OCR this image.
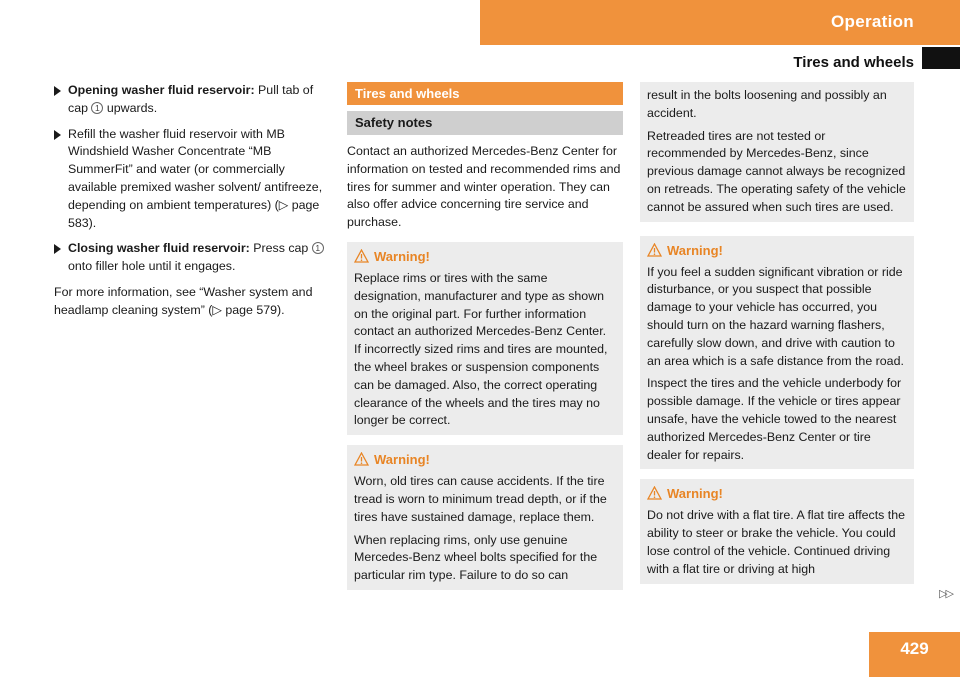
Operation
Tires and wheels
Opening washer fluid reservoir: Pull tab of cap 1 upwards.
Refill the washer fluid reservoir with MB Windshield Washer Concentrate “MB SummerFit” and water (or commercially available premixed washer solvent/ antifreeze, depending on ambient temperatures) (▷ page 583).
Closing washer fluid reservoir: Press cap 1 onto filler hole until it engages.
For more information, see “Washer system and headlamp cleaning system” (▷ page 579).
Tires and wheels
Safety notes

Contact an authorized Mercedes-Benz Center for information on tested and recommended rims and tires for summer and winter operation. They can also offer advice concerning tire service and purchase.

Warning!

Replace rims or tires with the same designation, manufacturer and type as shown on the original part. For further information contact an authorized Mercedes-Benz Center. If incorrectly sized rims and tires are mounted, the wheel brakes or suspension components can be damaged. Also, the correct operating clearance of the wheels and the tires may no longer be correct.

Warning!

Worn, old tires can cause accidents. If the tire tread is worn to minimum tread depth, or if the tires have sustained damage, replace them.

When replacing rims, only use genuine Mercedes-Benz wheel bolts specified for the particular rim type. Failure to do so can

result in the bolts loosening and possibly an accident.

Retreaded tires are not tested or recommended by Mercedes-Benz, since previous damage cannot always be recognized on retreads. The operating safety of the vehicle cannot be assured when such tires are used.

Warning!

If you feel a sudden significant vibration or ride disturbance, or you suspect that possible damage to your vehicle has occurred, you should turn on the hazard warning flashers, carefully slow down, and drive with caution to an area which is a safe distance from the road.

Inspect the tires and the vehicle underbody for possible damage. If the vehicle or tires appear unsafe, have the vehicle towed to the nearest authorized Mercedes-Benz Center or tire dealer for repairs.

Warning!

Do not drive with a flat tire. A flat tire affects the ability to steer or brake the vehicle. You could lose control of the vehicle. Continued driving with a flat tire or driving at high

▷▷
429
